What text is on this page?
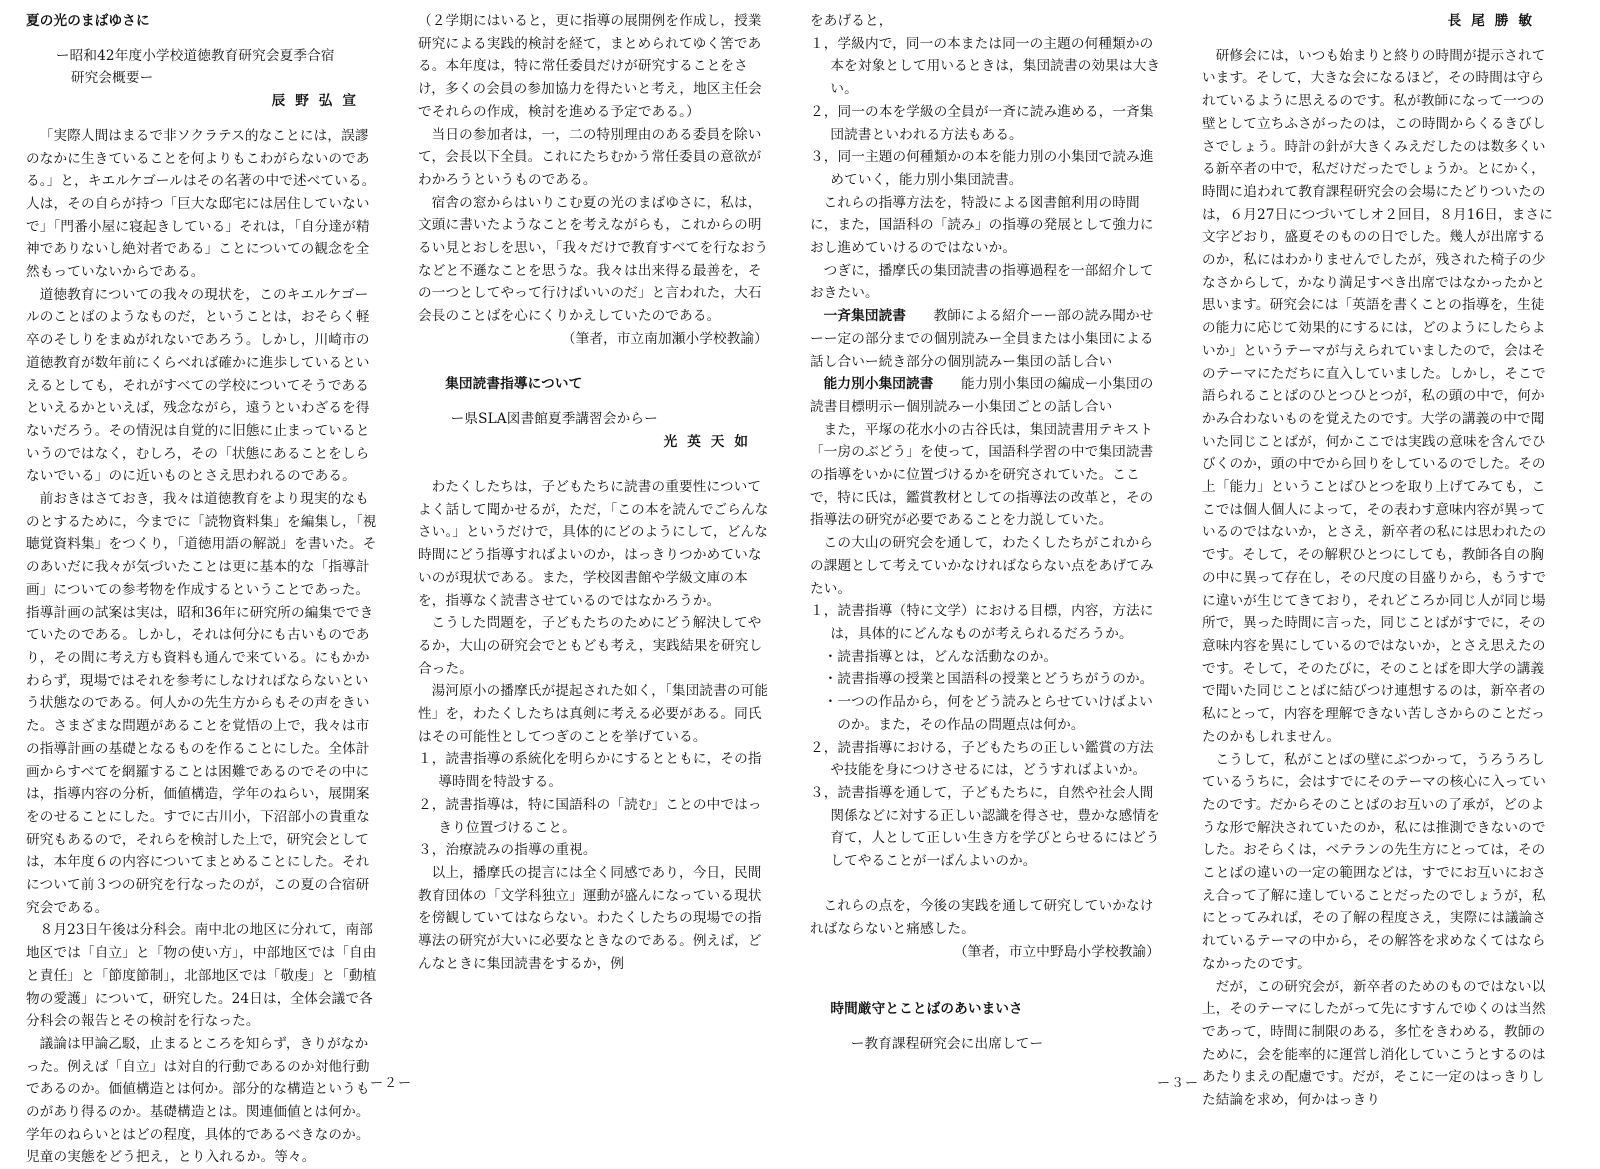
夏の光のまばゆさに

ー昭和42年度小学校道徳教育研究会夏季合宿

研究会概要ー

辰野弘宣

「実際人間はまるで非ソクラテス的なことには，誤謬のなかに生きていることを何よりもこわがらないのである。」と，キエルケゴールはその名著の中で述べている。人は，その自らが持つ「巨大な邸宅には居住していないで」「門番小屋に寝起きしている」それは，「自分達が精神でありないし絶対者である」ことについての観念を全然もっていないからである。

道徳教育についての我々の現状を，このキエルケゴールのことばのようなものだ，ということは，おそらく軽卒のそしりをまぬがれないであろう。しかし，川崎市の道徳教育が数年前にくらべれば確かに進歩しているといえるとしても，それがすべての学校についてそうであるといえるかといえば，残念ながら，遠うといわざるを得ないだろう。その情況は自覚的に旧態に止まっているというのではなく，むしろ，その「状態にあることをしらないでいる」のに近いものとさえ思われるのである。

前おきはさておき，我々は道徳教育をより現実的なものとするために，今までに「読物資料集」を編集し，「視聴覚資料集」をつくり，「道徳用語の解説」を書いた。そのあいだに我々が気づいたことは更に基本的な「指導計画」についての参考物を作成するということであった。指導計画の試案は実は，昭和36年に研究所の編集でできていたのである。しかし，それは何分にも古いものであり，その間に考え方も資料も通んで来ている。にもかかわらず，現場ではそれを参考にしなければならないという状態なのである。何人かの先生方からもその声をきいた。さまざまな問題があることを覚悟の上で，我々は市の指導計画の基礎となるものを作ることにした。全体計画からすべてを網羅することは困難であるのでその中には，指導内容の分析，価値構造，学年のねらい，展開案をのせることにした。すでに古川小，下沼部小の貴重な研究もあるので，それらを検討した上で，研究会としては，本年度６の内容についてまとめることにした。それについて前３つの研究を行なったのが，この夏の合宿研究会である。

８月23日午後は分科会。南中北の地区に分れて，南部地区では「自立」と「物の使い方」，中部地区では「自由と責任」と「節度節制」，北部地区では「敬虔」と「動植物の愛護」について，研究した。24日は，全体会議で各分科会の報告とその検討を行なった。

議論は甲論乙駁，止まるところを知らず，きりがなかった。例えば「自立」は対自的行動であるのか対他行動であるのか。価値構造とは何か。部分的な構造というものがあり得るのか。基礎構造とは。関連価値とは何か。学年のねらいとはどの程度，具体的であるべきなのか。児童の実態をどう把え，とり入れるか。等々。

（２学期にはいると，更に指導の展開例を作成し，授業研究による実践的検討を経て，まとめられてゆく筈である。本年度は，特に常任委員だけが研究することをさけ，多くの会員の参加協力を得たいと考え，地区主任会でそれらの作成，検討を進める予定である。）

当日の参加者は，一，二の特別理由のある委員を除いて，会長以下全員。これにたちむかう常任委員の意欲がわかろうというものである。

宿舎の窓からはいりこむ夏の光のまばゆさに，私は，文頭に書いたようなことを考えながらも，これからの明るい見とおしを思い，「我々だけで教育すべてを行なおうなどと不遜なことを思うな。我々は出来得る最善を，その一つとしてやって行けばいいのだ」と言われた，大石会長のことばを心にくりかえしていたのである。

（筆者，市立南加瀬小学校教諭）

集団読書指導について

ー県SLA図書館夏季講習会からー

光英天如

わたくしたちは，子どもたちに読書の重要性についてよく話して聞かせるが，ただ，「この本を読んでごらんなさい。」というだけで，具体的にどのようにして，どんな時間にどう指導すればよいのか，はっきりつかめていないのが現状である。また，学校図書館や学級文庫の本を，指導なく読書させているのではなかろうか。

こうした問題を，子どもたちのためにどう解決してやるか，大山の研究会でともども考え，実践結果を研究し合った。

湯河原小の播摩氏が提起された如く，「集団読書の可能性」を，わたくしたちは真剣に考える必要がある。同氏はその可能性としてつぎのことを挙げている。

１，読書指導の系統化を明らかにするとともに，その指導時間を特設する。

２，読書指導は，特に国語科の「読む」ことの中ではっきり位置づけること。

３，治療読みの指導の重視。

以上，播摩氏の提言には全く同感であり，今日，民間教育団体の「文学科独立」運動が盛んになっている現状を傍観していてはならない。わたくしたちの現場での指導法の研究が大いに必要なときなのである。例えば，どんなときに集団読書をするか，例

をあげると，

１，学級内で，同一の本または同一の主題の何種類かの本を対象として用いるときは，集団読書の効果は大きい。

２，同一の本を学級の全員が一斉に読み進める，一斉集団読書といわれる方法もある。

３，同一主題の何種類かの本を能力別の小集団で読み進めていく，能力別小集団読書。

これらの指導方法を，特設による図書館利用の時間に，また，国語科の「読み」の指導の発展として強力におし進めていけるのではないか。

つぎに，播摩氏の集団読書の指導過程を一部紹介しておきたい。

一斉集団読書　　 教師による紹介ーー部の読み聞かせーー定の部分までの個別読みー全員または小集団による話し合いー続き部分の個別読みー集団の話し合い

能力別小集団読書　　 能力別小集団の編成ー小集団の読書目標明示ー個別読みー小集団ごとの話し合い

また，平塚の花水小の古谷氏は，集団読書用テキスト「一房のぶどう」を使って，国語科学習の中で集団読書の指導をいかに位置づけるかを研究されていた。ここで，特に氏は，鑑賞教材としての指導法の改革と，その指導法の研究が必要であることを力説していた。

この大山の研究会を通して，わたくしたちがこれからの課題として考えていかなければならない点をあげてみたい。

１，読書指導（特に文学）における目標，内容，方法には，具体的にどんなものが考えられるだろうか。

・読書指導とは，どんな活動なのか。

・読書指導の授業と国語科の授業とどうちがうのか。

・一つの作品から，何をどう読みとらせていけばよいのか。また，その作品の問題点は何か。

２，読書指導における，子どもたちの正しい鑑賞の方法や技能を身につけさせるには，どうすればよいか。

３，読書指導を通して，子どもたちに，自然や社会人間関係などに対する正しい認識を得させ，豊かな感情を育て，人として正しい生き方を学びとらせるにはどうしてやることが一ばんよいのか。

これらの点を，今後の実践を通して研究していかなければならないと痛感した。

（筆者，市立中野島小学校教諭）

時間厳守とことばのあいまいさ

ー教育課程研究会に出席してー

長尾勝敏

研修会には，いつも始まりと終りの時間が提示されています。そして，大きな会になるほど，その時間は守られているように思えるのです。私が教師になって一つの壁として立ちふさがったのは，この時間からくるきびしさでしょう。時計の針が大きくみえだしたのは数多くいる新卒者の中で，私だけだったでしょうか。とにかく，時間に追われて教育課程研究会の会場にたどりついたのは，６月27日につづいてしオ２回目，８月16日，まさに文字どおり，盛夏そのものの日でした。幾人が出席するのか，私にはわかりませんでしたが，残された椅子の少なさからして，かなり満足すべき出席ではなかったかと思います。研究会には「英語を書くことの指導を，生徒の能力に応じて効果的にするには，どのようにしたらよいか」というテーマが与えられていましたので，会はそのテーマにただちに直入していました。しかし，そこで語られることばのひとつひとつが，私の頭の中で，何かかみ合わないものを覚えたのです。大学の講義の中で聞いた同じことばが，何かここでは実践の意味を含んでひびくのか，頭の中でから回りをしているのでした。その上「能力」ということばひとつを取り上げてみても，ここでは個人個人によって，その表わす意味内容が異っているのではないか，とさえ，新卒者の私には思われたのです。そして，その解釈ひとつにしても，教師各自の胸の中に異って存在し，その尺度の目盛りから，もうすでに違いが生じてきており，それどころか同じ人が同じ場所で，異った時間に言った，同じことばがすでに，その意味内容を異にしているのではないか，とさえ思えたのです。そして，そのたびに，そのことばを即大学の講義で聞いた同じことばに結びつけ連想するのは，新卒者の私にとって，内容を理解できない苦しさからのことだったのかもしれません。

こうして，私がことばの壁にぶつかって，うろうろしているうちに，会はすでにそのテーマの核心に入っていたのです。だからそのことばのお互いの了承が，どのような形で解決されていたのか，私には推測できないのでした。おそらくは，ベテランの先生方にとっては，そのことばの違いの一定の範囲などは，すでにお互いにおさえ合って了解に達していることだったのでしょうが，私にとってみれば，その了解の程度さえ，実際には議論されているテーマの中から，その解答を求めなくてはならなかったのです。

だが，この研究会が，新卒者のためのものではない以上，そのテーマにしたがって先にすすんでゆくのは当然であって，時間に制限のある，多忙をきわめる，教師のために，会を能率的に運営し消化していこうとするのはあたりまえの配慮です。だが，そこに一定のはっきりした結論を求め，何かはっきり

ー２ー	ー３ー
